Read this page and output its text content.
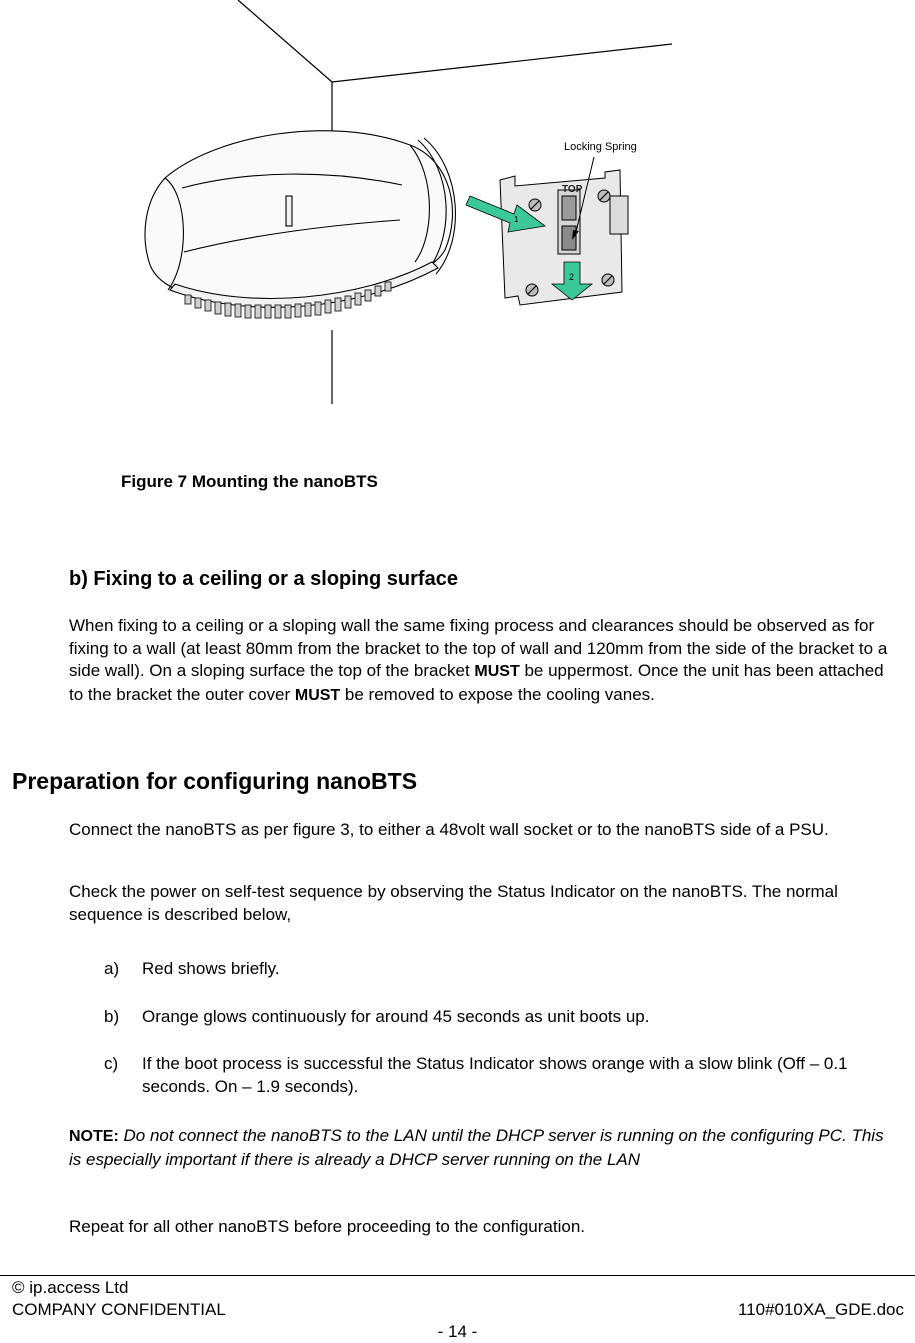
TOP
1
2
Locking Spring
Figure 7 Mounting the nanoBTS
b) Fixing to a ceiling or a sloping surface

When fixing to a ceiling or a sloping wall the same fixing process and clearances should be observed as for fixing to a wall (at least 80mm from the bracket to the top of wall and 120mm from the side of the bracket to a side wall). On a sloping surface the top of the bracket MUST be uppermost. Once the unit has been attached to the bracket the outer cover MUST be removed to expose the cooling vanes.

Preparation for configuring nanoBTS

Connect the nanoBTS as per figure 3, to either a 48volt wall socket or to the nanoBTS side of a PSU.

Check the power on self-test sequence by observing the Status Indicator on the nanoBTS. The normal sequence is described below,

a) Red shows briefly.
b) Orange glows continuously for around 45 seconds as unit boots up.
c) If the boot process is successful the Status Indicator shows orange with a slow blink (Off – 0.1 seconds. On – 1.9 seconds).

NOTE: Do not connect the nanoBTS to the LAN until the DHCP server is running on the configuring PC. This is especially important if there is already a DHCP server running on the LAN

Repeat for all other nanoBTS before proceeding to the configuration.

© ip.access Ltd
COMPANY CONFIDENTIAL	110#010XA_GDE.doc
- 14 -
